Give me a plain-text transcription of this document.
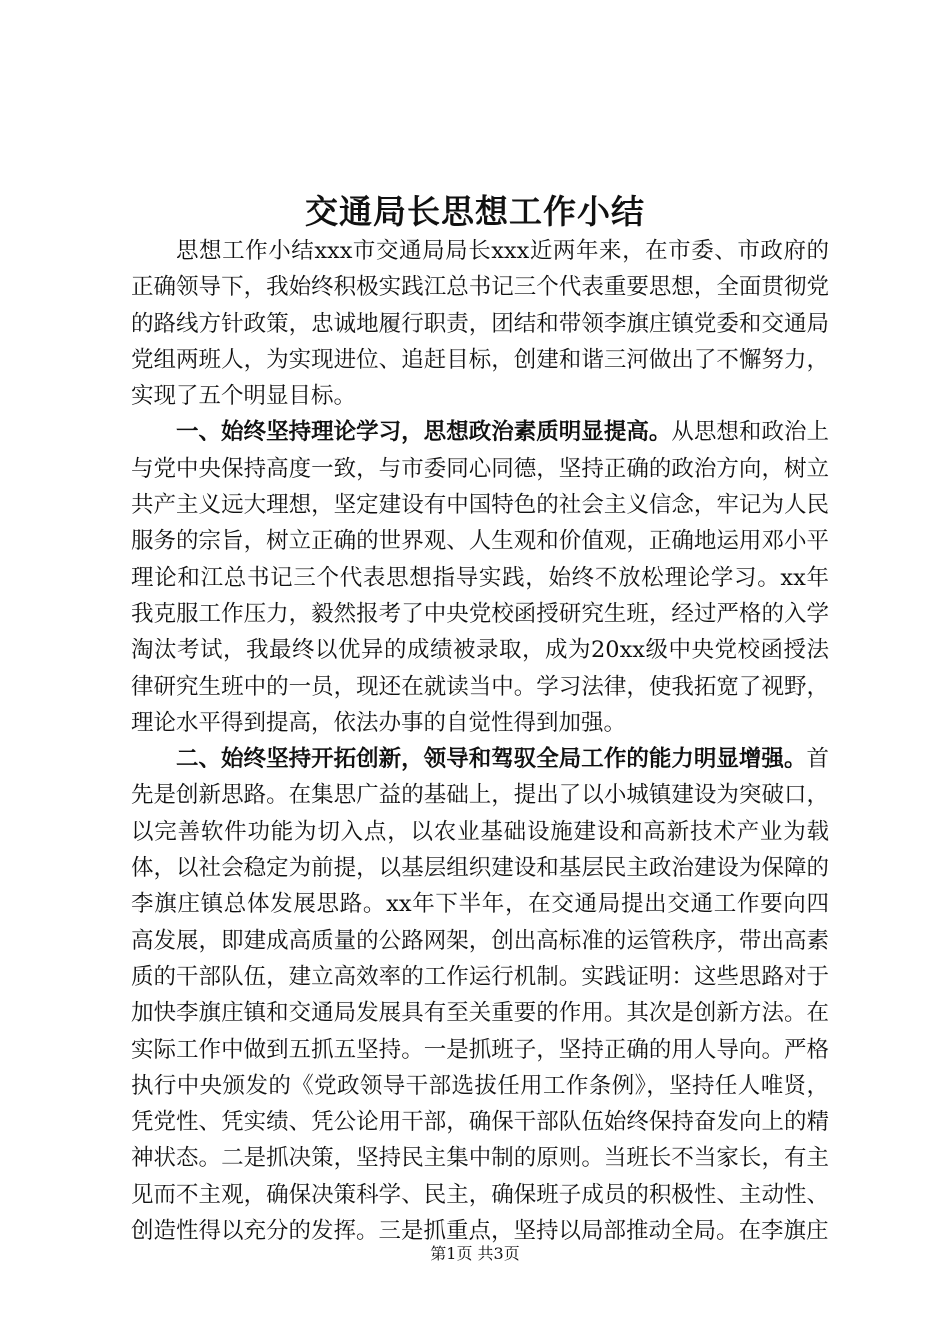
交通局长思想工作小结

思想工作小结xxx市交通局局长xxx近两年来，在市委、市政府的正确领导下，我始终积极实践江总书记三个代表重要思想，全面贯彻党的路线方针政策，忠诚地履行职责，团结和带领李旗庄镇党委和交通局党组两班人，为实现进位、追赶目标，创建和谐三河做出了不懈努力，实现了五个明显目标。

一、始终坚持理论学习，思想政治素质明显提高。从思想和政治上与党中央保持高度一致，与市委同心同德，坚持正确的政治方向，树立共产主义远大理想，坚定建设有中国特色的社会主义信念，牢记为人民服务的宗旨，树立正确的世界观、人生观和价值观，正确地运用邓小平理论和江总书记三个代表思想指导实践，始终不放松理论学习。xx年我克服工作压力，毅然报考了中央党校函授研究生班，经过严格的入学淘汰考试，我最终以优异的成绩被录取，成为20xx级中央党校函授法律研究生班中的一员，现还在就读当中。学习法律，使我拓宽了视野，理论水平得到提高，依法办事的自觉性得到加强。

二、始终坚持开拓创新，领导和驾驭全局工作的能力明显增强。首先是创新思路。在集思广益的基础上，提出了以小城镇建设为突破口，以完善软件功能为切入点，以农业基础设施建设和高新技术产业为载体，以社会稳定为前提，以基层组织建设和基层民主政治建设为保障的李旗庄镇总体发展思路。xx年下半年，在交通局提出交通工作要向四高发展，即建成高质量的公路网架，创出高标准的运管秩序，带出高素质的干部队伍，建立高效率的工作运行机制。实践证明：这些思路对于加快李旗庄镇和交通局发展具有至关重要的作用。其次是创新方法。在实际工作中做到五抓五坚持。一是抓班子，坚持正确的用人导向。严格执行中央颁发的《党政领导干部选拔任用工作条例》，坚持任人唯贤，凭党性、凭实绩、凭公论用干部，确保干部队伍始终保持奋发向上的精神状态。二是抓决策，坚持民主集中制的原则。当班长不当家长，有主见而不主观，确保决策科学、民主，确保班子成员的积极性、主动性、创造性得以充分的发挥。三是抓重点，坚持以局部推动全局。在李旗庄

第1页 共3页
